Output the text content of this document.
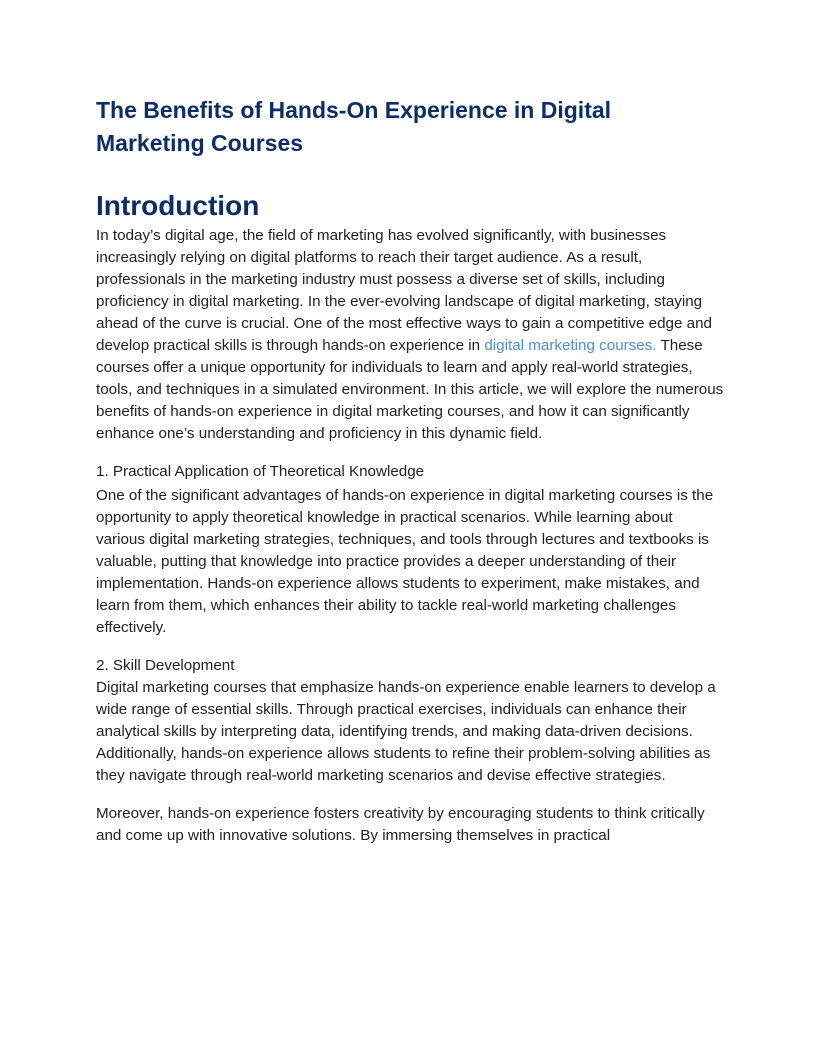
The Benefits of Hands-On Experience in Digital Marketing Courses
Introduction

In today’s digital age, the field of marketing has evolved significantly, with businesses increasingly relying on digital platforms to reach their target audience. As a result, professionals in the marketing industry must possess a diverse set of skills, including proficiency in digital marketing. In the ever-evolving landscape of digital marketing, staying ahead of the curve is crucial. One of the most effective ways to gain a competitive edge and develop practical skills is through hands-on experience in digital marketing courses. These courses offer a unique opportunity for individuals to learn and apply real-world strategies, tools, and techniques in a simulated environment. In this article, we will explore the numerous benefits of hands-on experience in digital marketing courses, and how it can significantly enhance one’s understanding and proficiency in this dynamic field.

1. Practical Application of Theoretical Knowledge

One of the significant advantages of hands-on experience in digital marketing courses is the opportunity to apply theoretical knowledge in practical scenarios. While learning about various digital marketing strategies, techniques, and tools through lectures and textbooks is valuable, putting that knowledge into practice provides a deeper understanding of their implementation. Hands-on experience allows students to experiment, make mistakes, and learn from them, which enhances their ability to tackle real-world marketing challenges effectively.

2. Skill Development

Digital marketing courses that emphasize hands-on experience enable learners to develop a wide range of essential skills. Through practical exercises, individuals can enhance their analytical skills by interpreting data, identifying trends, and making data-driven decisions. Additionally, hands-on experience allows students to refine their problem-solving abilities as they navigate through real-world marketing scenarios and devise effective strategies.

Moreover, hands-on experience fosters creativity by encouraging students to think critically and come up with innovative solutions. By immersing themselves in practical
